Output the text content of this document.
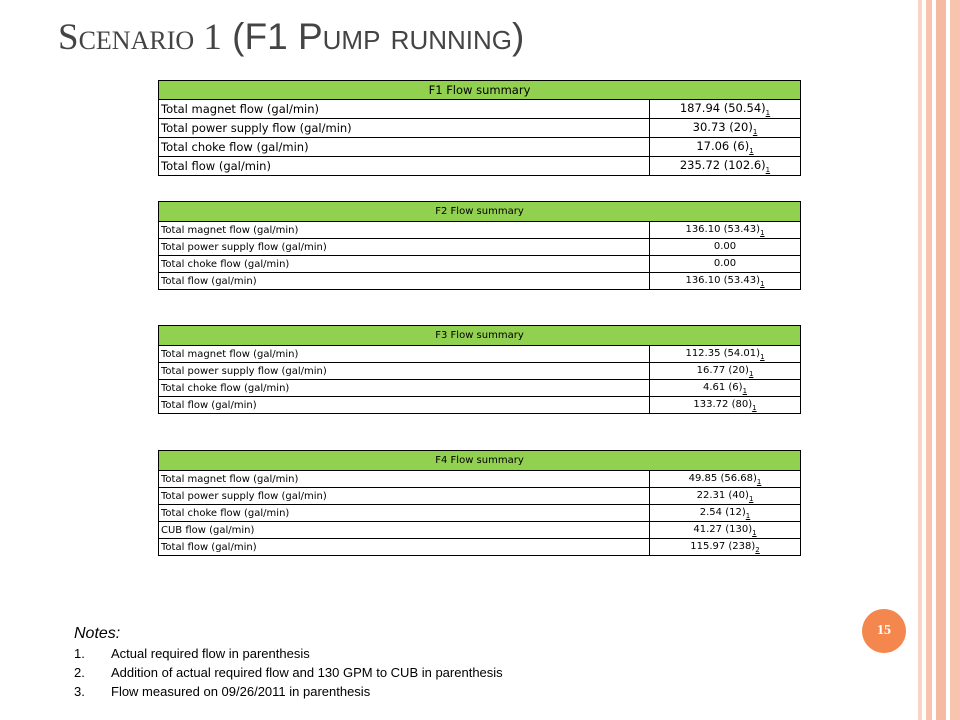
Scenario 1 (F1 Pump running)
F1 Flow summary	
Total magnet flow (gal/min)	187.94 $(50.54)_1$
Total power supply flow (gal/min)	30.73 $(20)_1$
Total choke flow (gal/min)	17.06 $(6)_1$
Total flow (gal/min)	235.72 $(102.6)_1$
F2 Flow summary	
Total magnet flow (gal/min)	136.10 $(53.43)_1$
Total power supply flow (gal/min)	0.00
Total choke flow (gal/min)	0.00
Total flow (gal/min)	136.10 $(53.43)_1$
F3 Flow summary	
Total magnet flow (gal/min)	112.35 $(54.01)_1$
Total power supply flow (gal/min)	16.77 $(20)_1$
Total choke flow (gal/min)	4.61 $(6)_1$
Total flow (gal/min)	133.72 $(80)_1$
F4 Flow summary	
Total magnet flow (gal/min)	49.85 $(56.68)_1$
Total power supply flow (gal/min)	22.31 $(40)_1$
Total choke flow (gal/min)	2.54 $(12)_1$
CUB flow (gal/min)	41.27 $(130)_1$
Total flow (gal/min)	115.97 $(238)_2$
15
Notes:
1. Actual required flow in parenthesis
2. Addition of actual required flow and 130 GPM to CUB in parenthesis
3. Flow measured on 09/26/2011 in parenthesis
